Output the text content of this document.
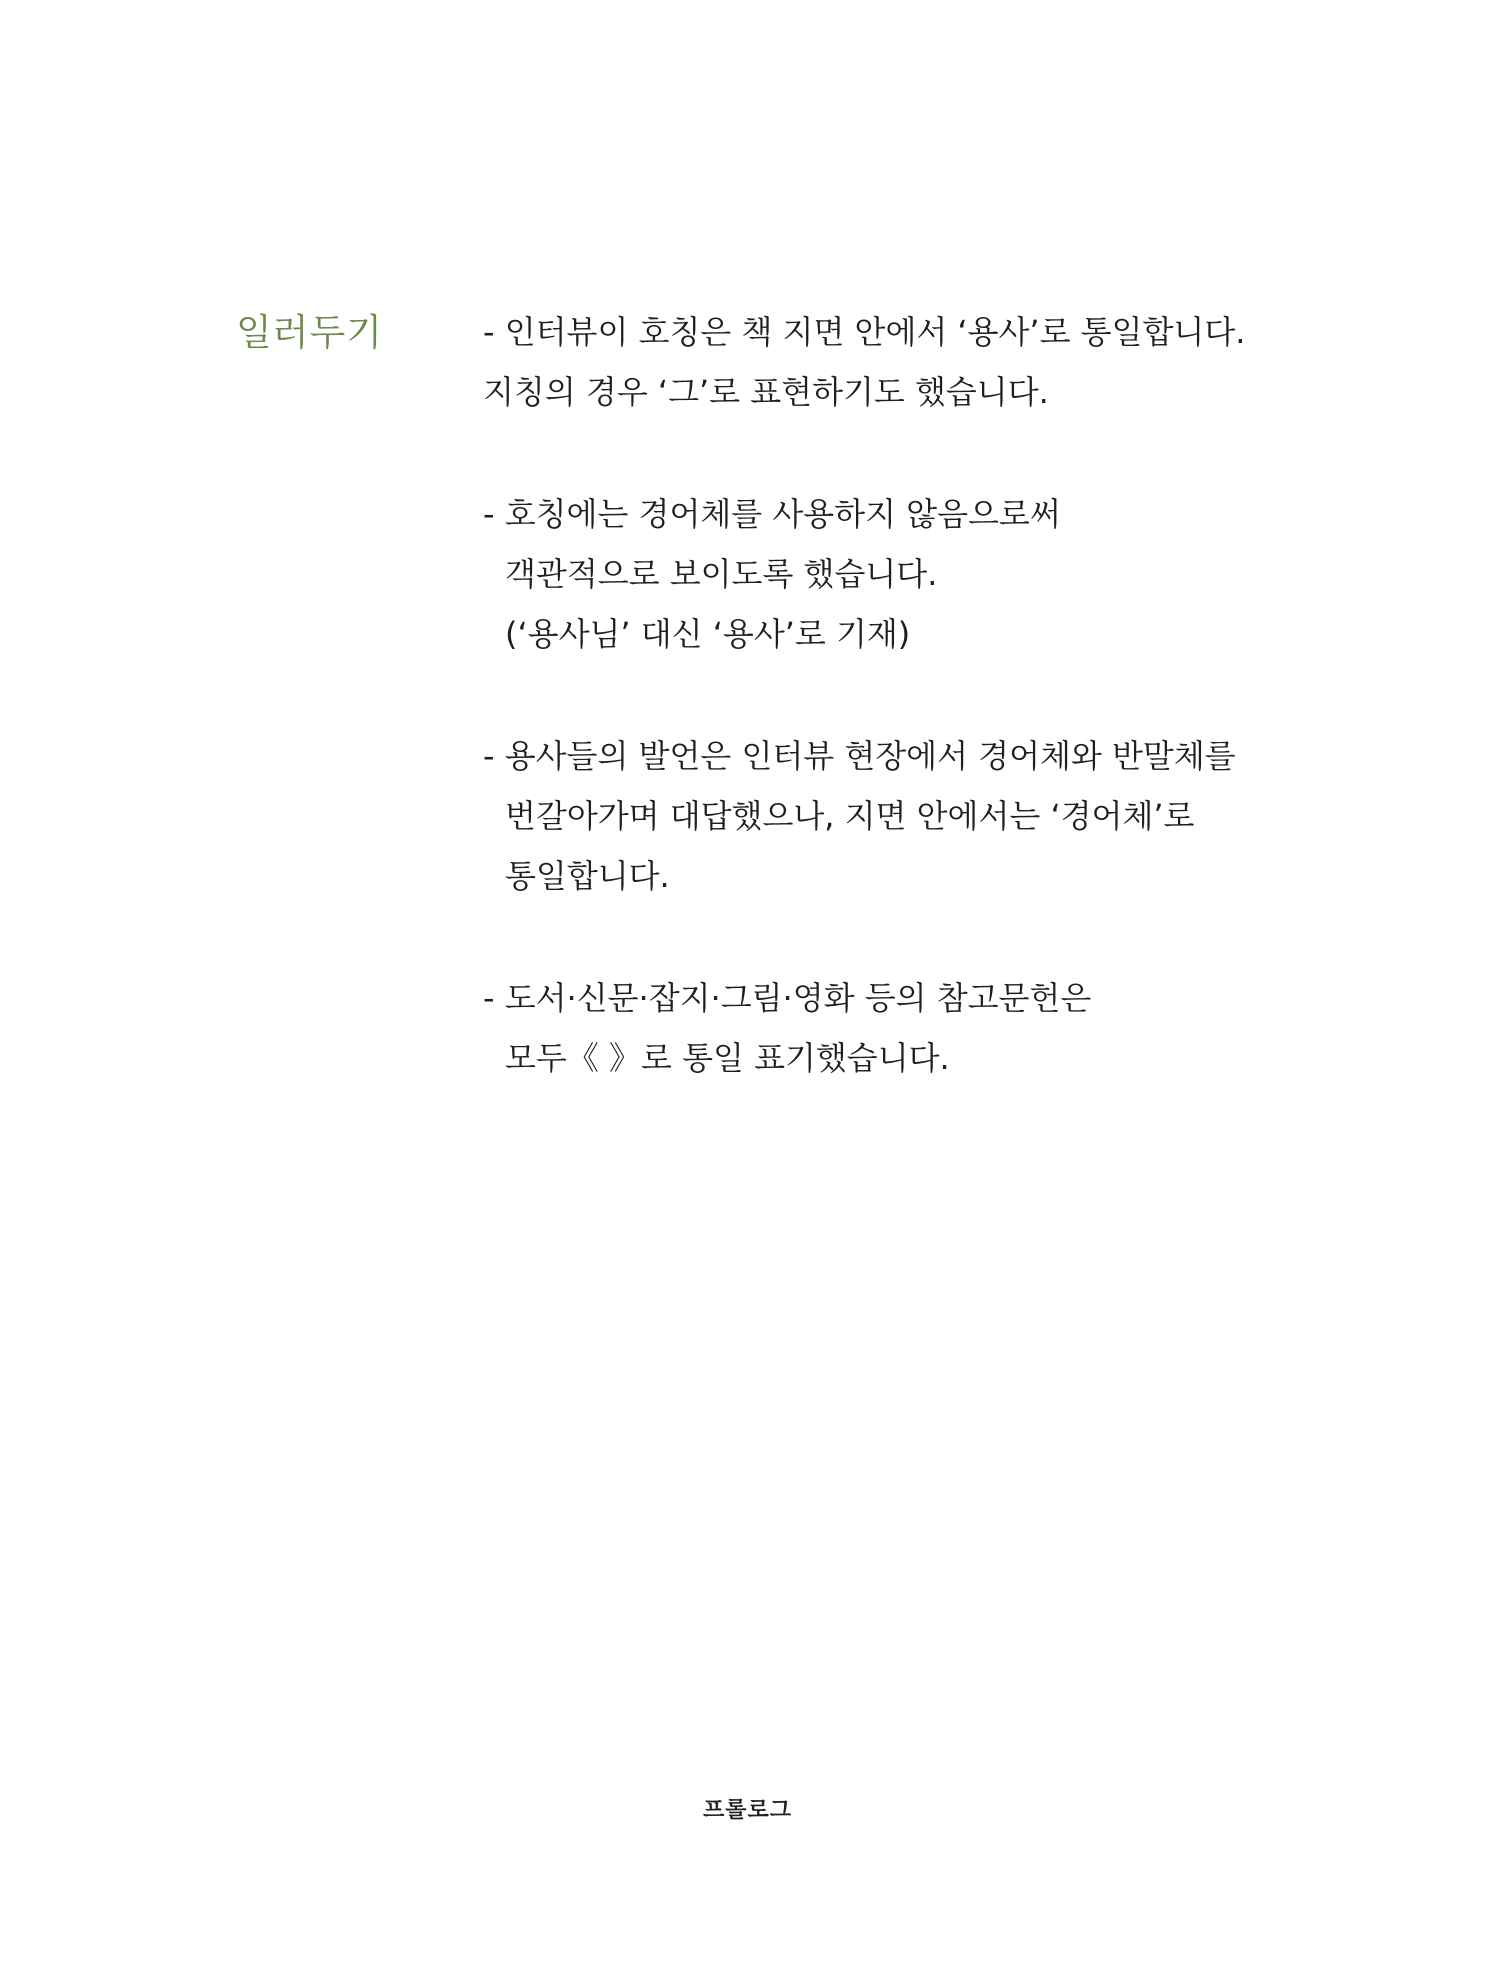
일러두기	- 인터뷰이 호칭은 책 지면 안에서 ‘용사’로 통일합니다.
지칭의 경우 ‘그’로 표현하기도 했습니다.
- 호칭에는 경어체를 사용하지 않음으로써
객관적으로 보이도록 했습니다.
(‘용사님’ 대신 ‘용사’로 기재)
- 용사들의 발언은 인터뷰 현장에서 경어체와 반말체를
번갈아가며 대답했으나, 지면 안에서는 ‘경어체’로
통일합니다.
- 도서·신문·잡지·그림·영화 등의 참고문헌은
모두《 》로 통일 표기했습니다.
프롤로그
